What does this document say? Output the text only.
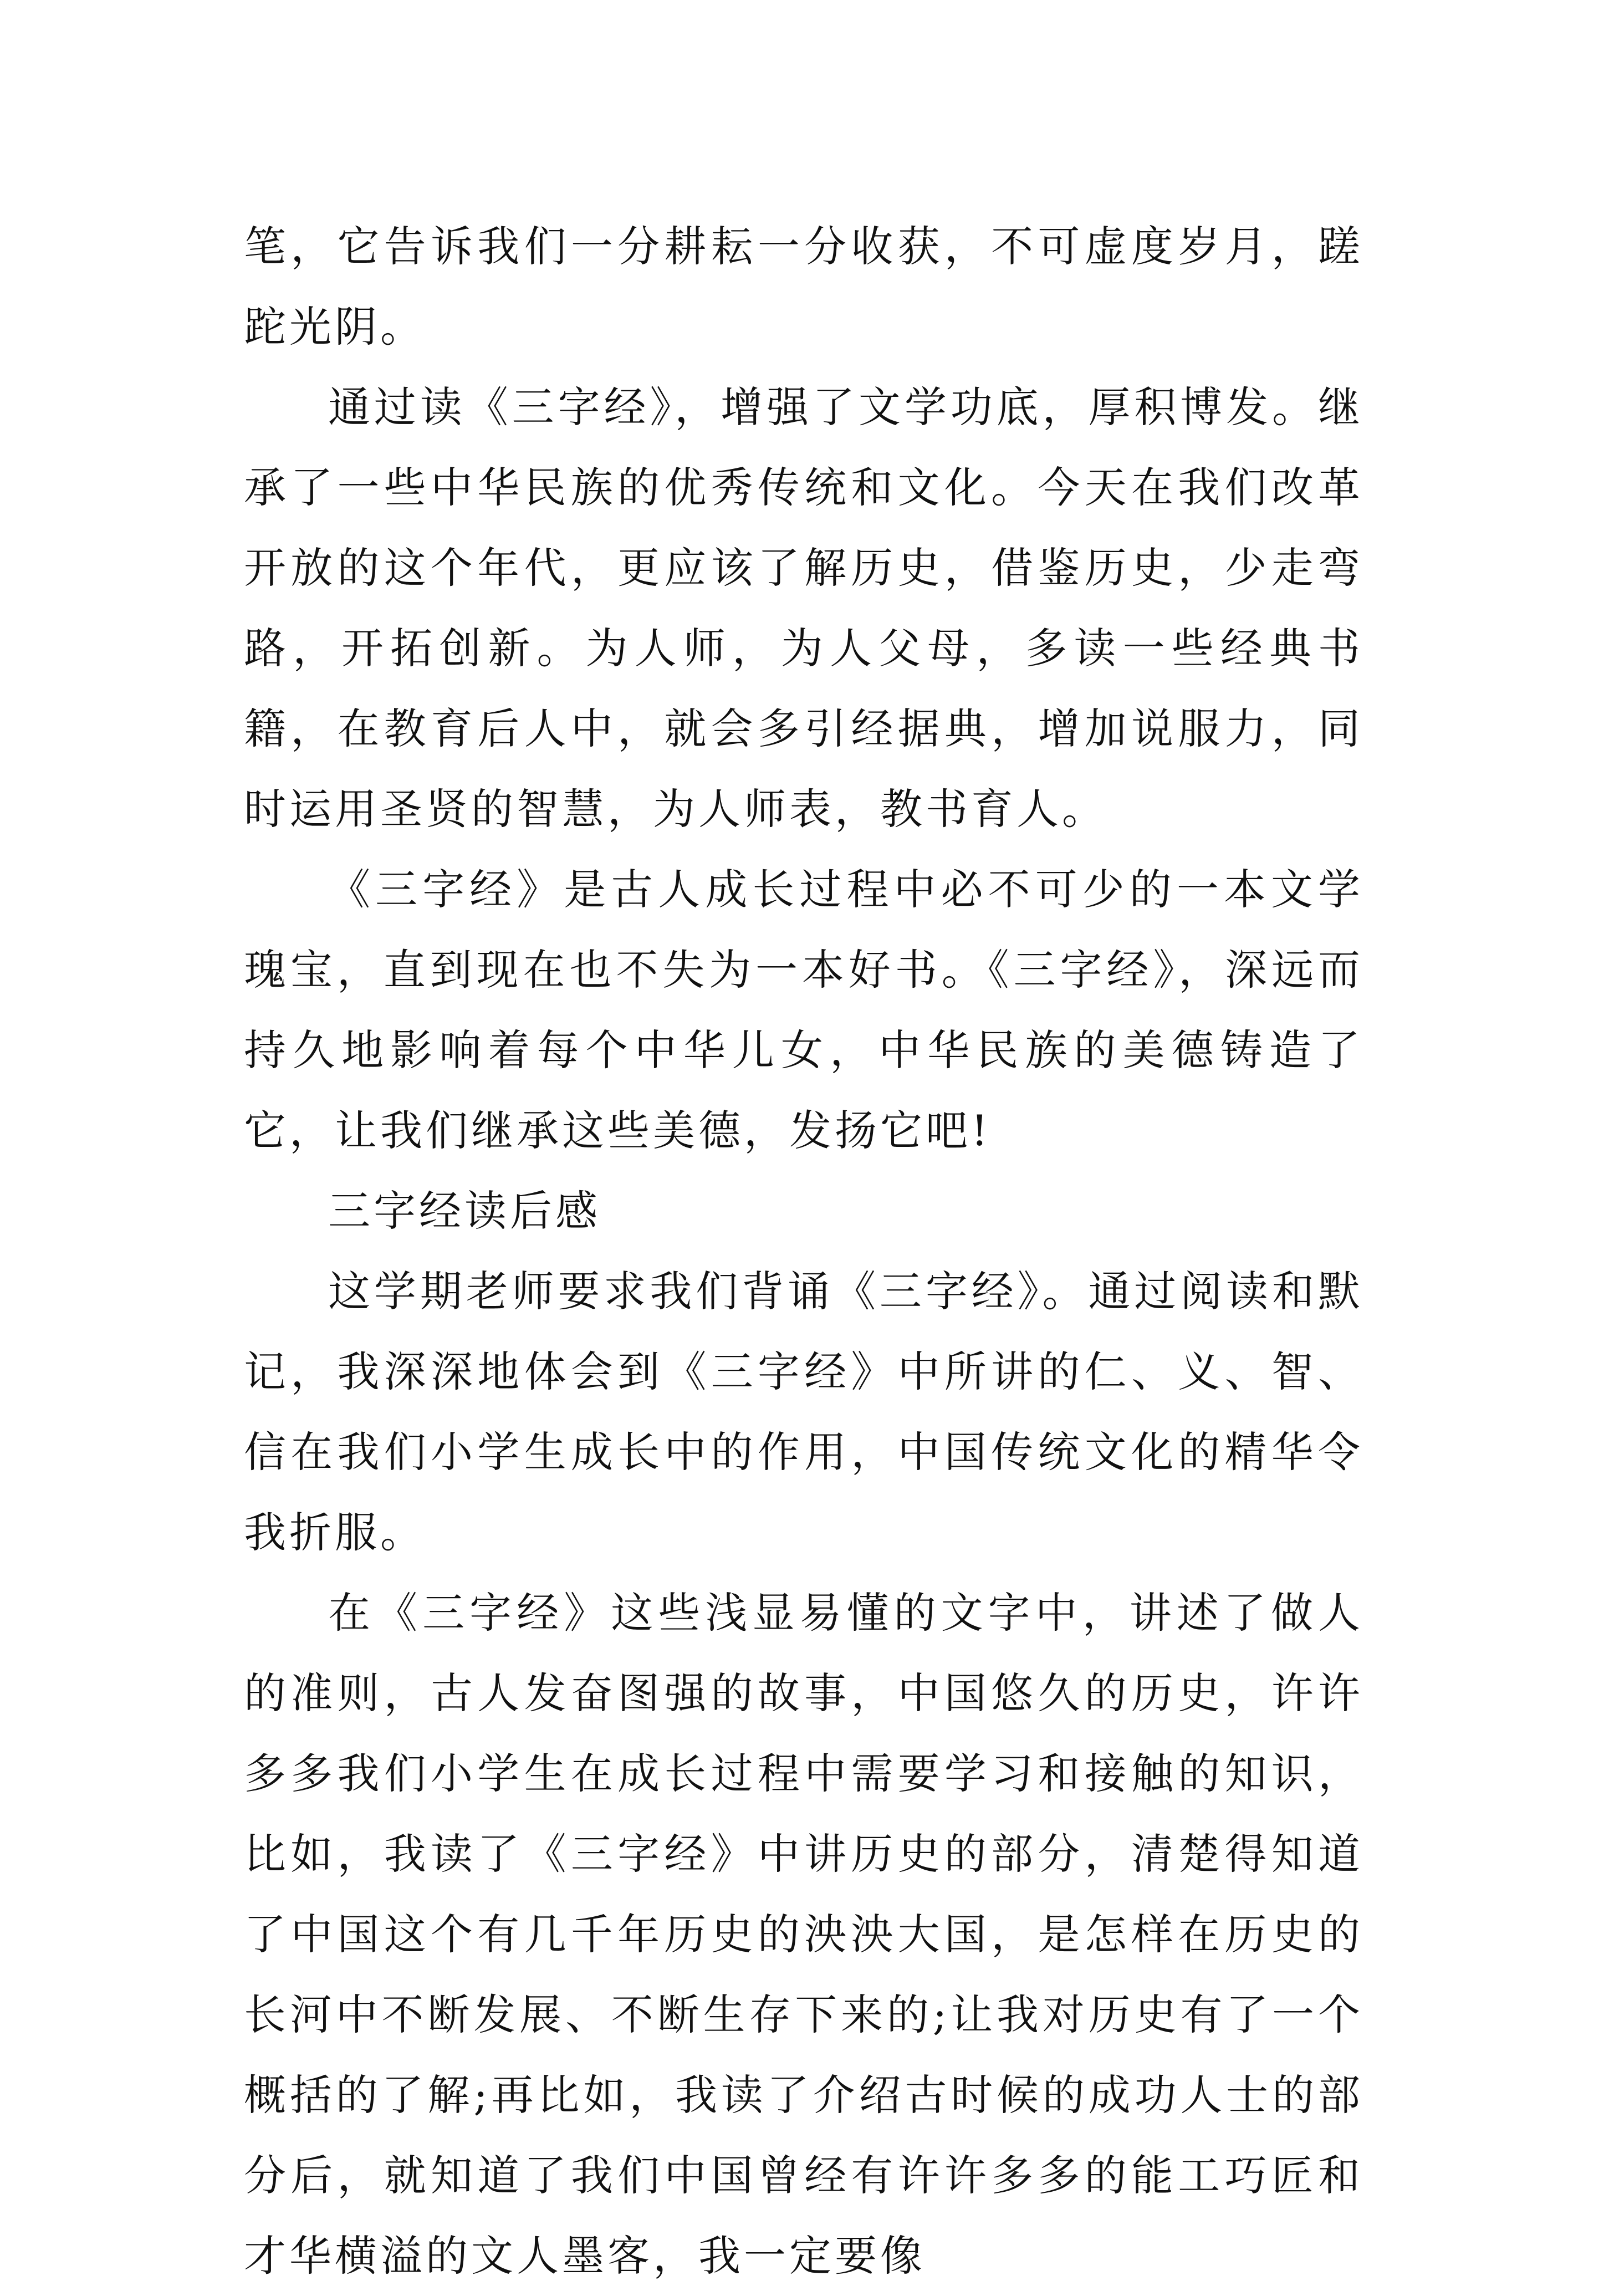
笔，它告诉我们一分耕耘一分收获，不可虚度岁月，蹉跎光阴。

通过读《三字经》，增强了文学功底，厚积博发。继承了一些中华民族的优秀传统和文化。今天在我们改革开放的这个年代，更应该了解历史，借鉴历史，少走弯路，开拓创新。为人师，为人父母，多读一些经典书籍，在教育后人中，就会多引经据典，增加说服力，同时运用圣贤的智慧，为人师表，教书育人。

《三字经》是古人成长过程中必不可少的一本文学瑰宝，直到现在也不失为一本好书。《三字经》，深远而持久地影响着每个中华儿女，中华民族的美德铸造了它，让我们继承这些美德，发扬它吧!

三字经读后感

这学期老师要求我们背诵《三字经》。通过阅读和默记，我深深地体会到《三字经》中所讲的仁、义、智、信在我们小学生成长中的作用，中国传统文化的精华令我折服。

在《三字经》这些浅显易懂的文字中，讲述了做人的准则，古人发奋图强的故事，中国悠久的历史，许许多多我们小学生在成长过程中需要学习和接触的知识，比如，我读了《三字经》中讲历史的部分，清楚得知道了中国这个有几千年历史的泱泱大国，是怎样在历史的长河中不断发展、不断生存下来的;让我对历史有了一个概括的了解;再比如，我读了介绍古时候的成功人士的部分后，就知道了我们中国曾经有许许多多的能工巧匠和才华横溢的文人墨客，我一定要像
